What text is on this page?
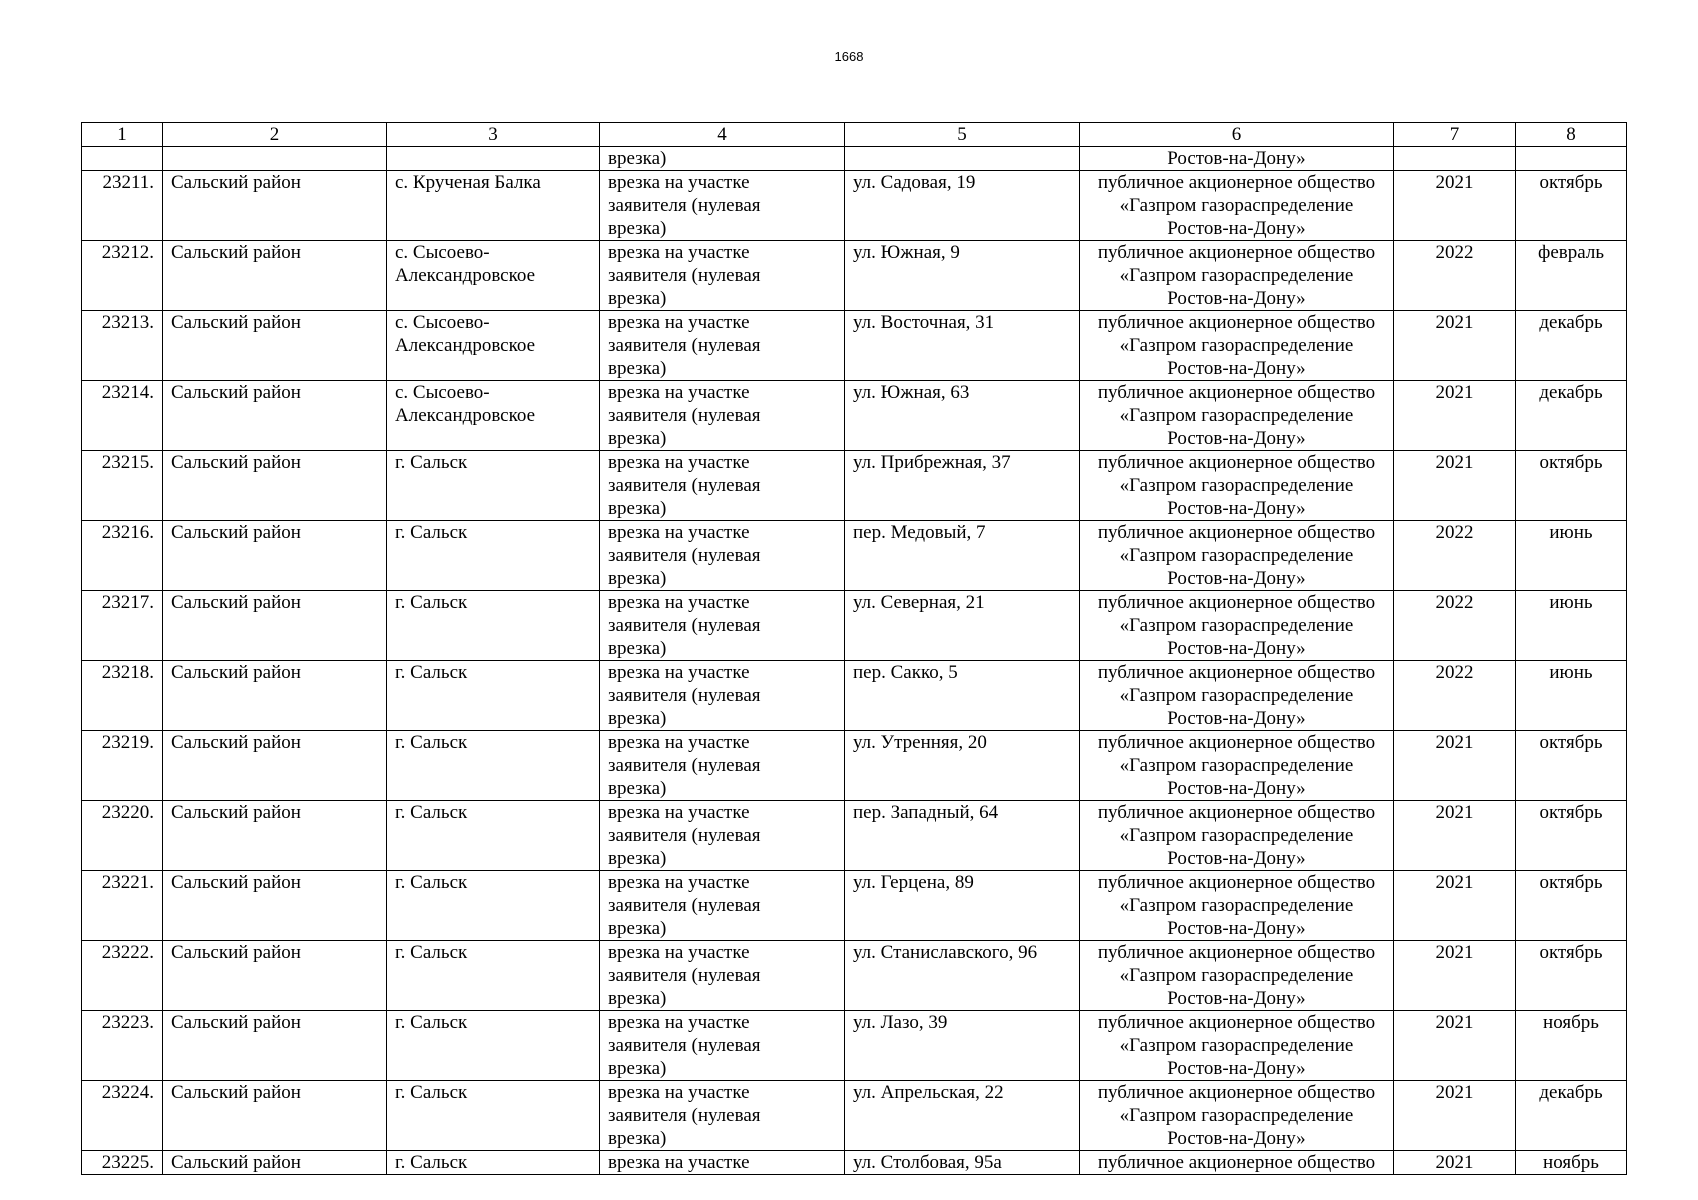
1668
1	2	3	4	5	6	7	8
			врезка)		Ростов-на-Дону»		
23211.	Сальский район	с. Крученая Балка	врезка на участке
заявителя (нулевая
врезка)	ул. Садовая, 19	публичное акционерное общество
«Газпром газораспределение
Ростов-на-Дону»	2021	октябрь
23212.	Сальский район	с. Сысоево-
Александровское	врезка на участке
заявителя (нулевая
врезка)	ул. Южная, 9	публичное акционерное общество
«Газпром газораспределение
Ростов-на-Дону»	2022	февраль
23213.	Сальский район	с. Сысоево-
Александровское	врезка на участке
заявителя (нулевая
врезка)	ул. Восточная, 31	публичное акционерное общество
«Газпром газораспределение
Ростов-на-Дону»	2021	декабрь
23214.	Сальский район	с. Сысоево-
Александровское	врезка на участке
заявителя (нулевая
врезка)	ул. Южная, 63	публичное акционерное общество
«Газпром газораспределение
Ростов-на-Дону»	2021	декабрь
23215.	Сальский район	г. Сальск	врезка на участке
заявителя (нулевая
врезка)	ул. Прибрежная, 37	публичное акционерное общество
«Газпром газораспределение
Ростов-на-Дону»	2021	октябрь
23216.	Сальский район	г. Сальск	врезка на участке
заявителя (нулевая
врезка)	пер. Медовый, 7	публичное акционерное общество
«Газпром газораспределение
Ростов-на-Дону»	2022	июнь
23217.	Сальский район	г. Сальск	врезка на участке
заявителя (нулевая
врезка)	ул. Северная, 21	публичное акционерное общество
«Газпром газораспределение
Ростов-на-Дону»	2022	июнь
23218.	Сальский район	г. Сальск	врезка на участке
заявителя (нулевая
врезка)	пер. Сакко, 5	публичное акционерное общество
«Газпром газораспределение
Ростов-на-Дону»	2022	июнь
23219.	Сальский район	г. Сальск	врезка на участке
заявителя (нулевая
врезка)	ул. Утренняя, 20	публичное акционерное общество
«Газпром газораспределение
Ростов-на-Дону»	2021	октябрь
23220.	Сальский район	г. Сальск	врезка на участке
заявителя (нулевая
врезка)	пер. Западный, 64	публичное акционерное общество
«Газпром газораспределение
Ростов-на-Дону»	2021	октябрь
23221.	Сальский район	г. Сальск	врезка на участке
заявителя (нулевая
врезка)	ул. Герцена, 89	публичное акционерное общество
«Газпром газораспределение
Ростов-на-Дону»	2021	октябрь
23222.	Сальский район	г. Сальск	врезка на участке
заявителя (нулевая
врезка)	ул. Станиславского, 96	публичное акционерное общество
«Газпром газораспределение
Ростов-на-Дону»	2021	октябрь
23223.	Сальский район	г. Сальск	врезка на участке
заявителя (нулевая
врезка)	ул. Лазо, 39	публичное акционерное общество
«Газпром газораспределение
Ростов-на-Дону»	2021	ноябрь
23224.	Сальский район	г. Сальск	врезка на участке
заявителя (нулевая
врезка)	ул. Апрельская, 22	публичное акционерное общество
«Газпром газораспределение
Ростов-на-Дону»	2021	декабрь
23225.	Сальский район	г. Сальск	врезка на участке	ул. Столбовая, 95а	публичное акционерное общество	2021	ноябрь
